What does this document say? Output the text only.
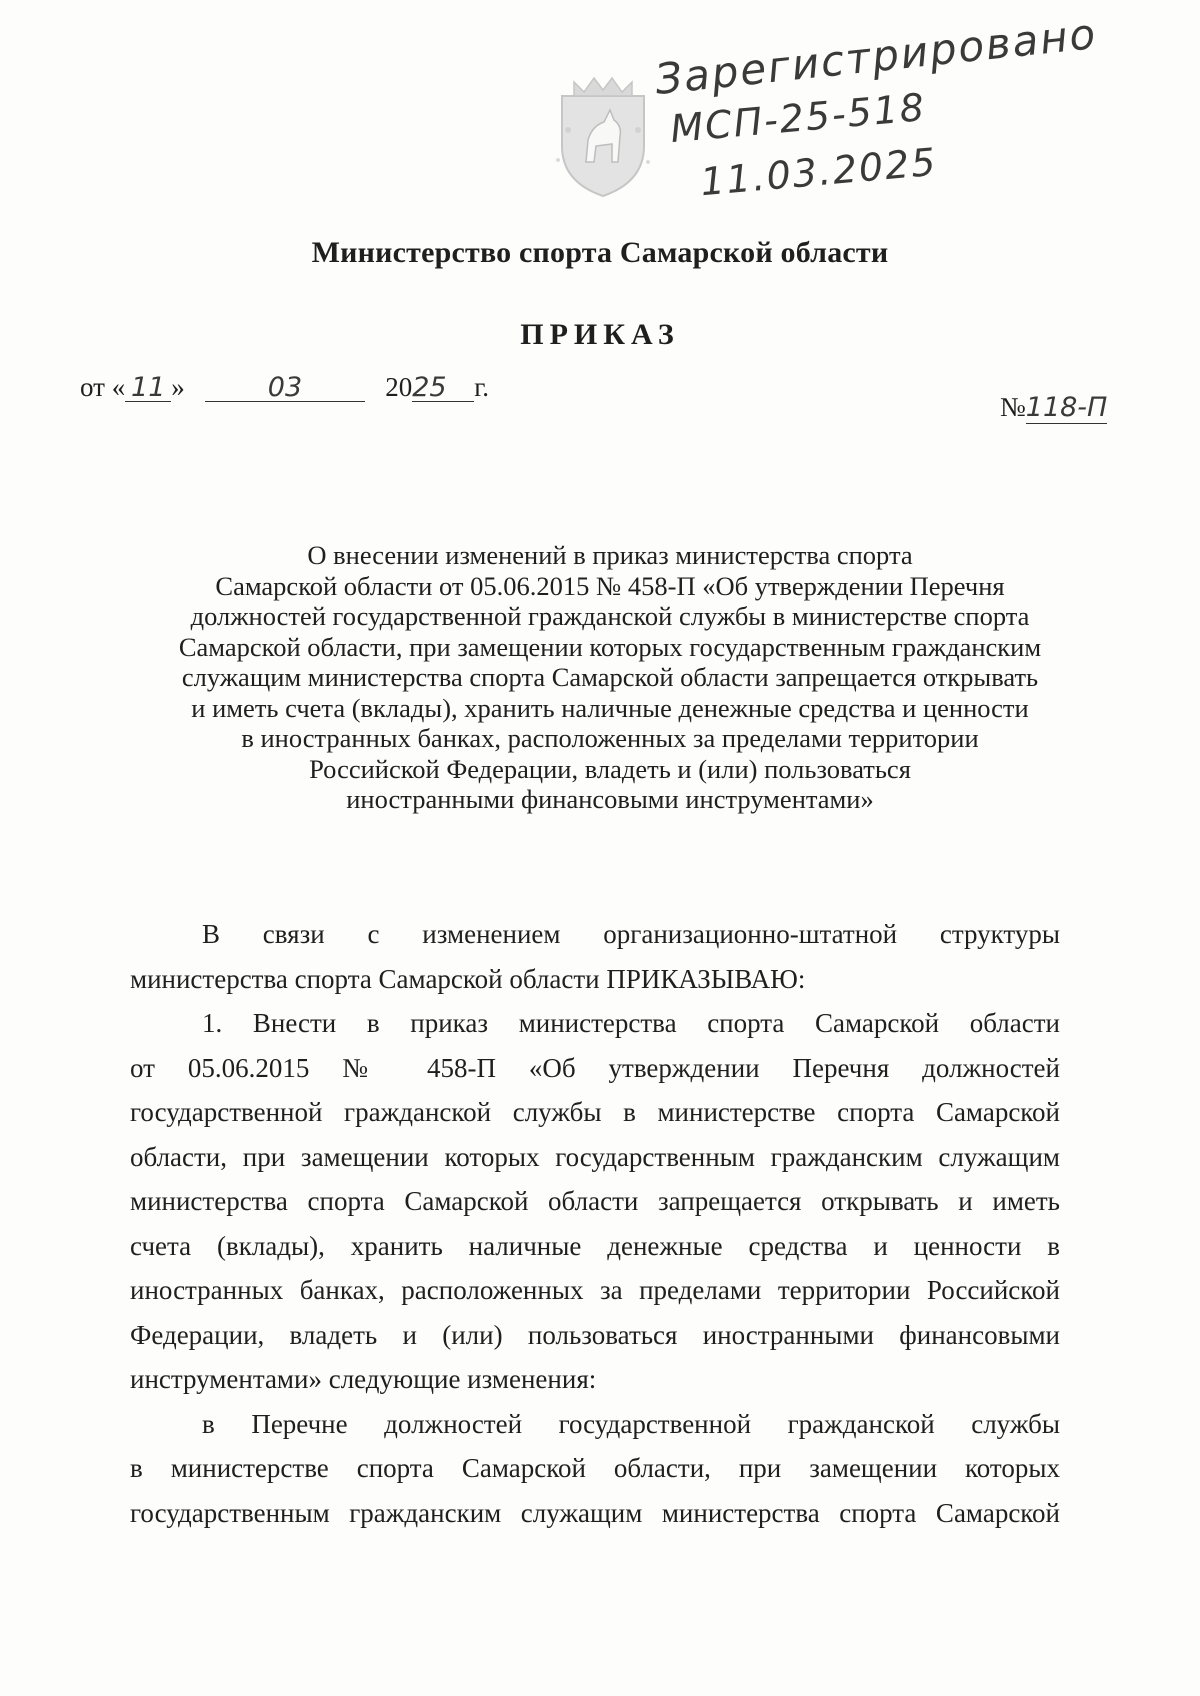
Зарегистрировано
МСП-25-518
11.03.2025
Министерство спорта Самарской области
ПРИКАЗ
от « 11 »	03	2025 г.
№118-П
О внесении изменений в приказ министерства спорта
Самарской области от 05.06.2015 № 458-П «Об утверждении Перечня
должностей государственной гражданской службы в министерстве спорта
Самарской области, при замещении которых государственным гражданским
служащим министерства спорта Самарской области запрещается открывать
и иметь счета (вклады), хранить наличные денежные средства и ценности
в иностранных банках, расположенных за пределами территории
Российской Федерации, владеть и (или) пользоваться
иностранными финансовыми инструментами»
В связи с изменением организационно-штатной структуры
министерства спорта Самарской области ПРИКАЗЫВАЮ:
1. Внести в приказ министерства спорта Самарской области
от 05.06.2015 № 458-П «Об утверждении Перечня должностей
государственной гражданской службы в министерстве спорта Самарской
области, при замещении которых государственным гражданским служащим
министерства спорта Самарской области запрещается открывать и иметь
счета (вклады), хранить наличные денежные средства и ценности в
иностранных банках, расположенных за пределами территории Российской
Федерации, владеть и (или) пользоваться иностранными финансовыми
инструментами» следующие изменения:
в Перечне должностей государственной гражданской службы
в министерстве спорта Самарской области, при замещении которых
государственным гражданским служащим министерства спорта Самарской
